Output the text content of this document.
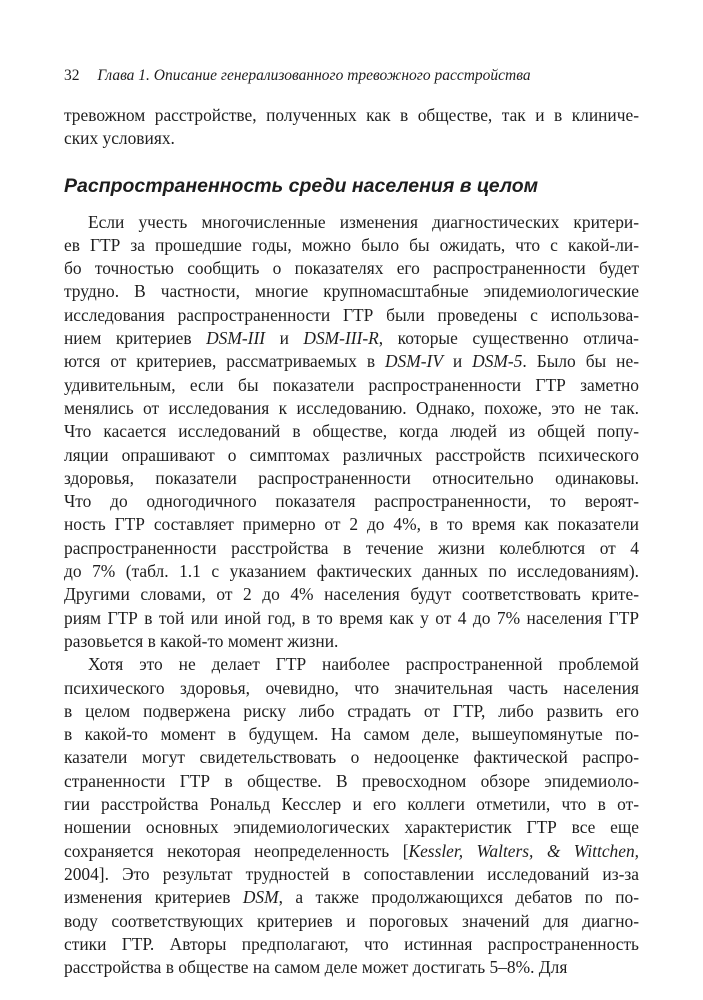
32 Глава 1. Описание генерализованного тревожного расстройства
тревожном расстройстве, полученных как в обществе, так и в клиниче-
ских условиях.
Распространенность среди населения в целом
Если учесть многочисленные изменения диагностических критери-
ев ГТР за прошедшие годы, можно было бы ожидать, что с какой-ли-
бо точностью сообщить о показателях его распространенности будет
трудно. В частности, многие крупномасштабные эпидемиологические
исследования распространенности ГТР были проведены с использова-
нием критериев DSM-III и DSM-III-R, которые существенно отлича-
ются от критериев, рассматриваемых в DSM-IV и DSM-5. Было бы не-
удивительным, если бы показатели распространенности ГТР заметно
менялись от исследования к исследованию. Однако, похоже, это не так.
Что касается исследований в обществе, когда людей из общей попу-
ляции опрашивают о симптомах различных расстройств психического
здоровья, показатели распространенности относительно одинаковы.
Что до одногодичного показателя распространенности, то вероят-
ность ГТР составляет примерно от 2 до 4%, в то время как показатели
распространенности расстройства в течение жизни колеблются от 4
до 7% (табл. 1.1 с указанием фактических данных по исследованиям).
Другими словами, от 2 до 4% населения будут соответствовать крите-
риям ГТР в той или иной год, в то время как у от 4 до 7% населения ГТР
разовьется в какой-то момент жизни.
Хотя это не делает ГТР наиболее распространенной проблемой
психического здоровья, очевидно, что значительная часть населения
в целом подвержена риску либо страдать от ГТР, либо развить его
в какой-то момент в будущем. На самом деле, вышеупомянутые по-
казатели могут свидетельствовать о недооценке фактической распро-
страненности ГТР в обществе. В превосходном обзоре эпидемиоло-
гии расстройства Рональд Кесслер и его коллеги отметили, что в от-
ношении основных эпидемиологических характеристик ГТР все еще
сохраняется некоторая неопределенность [Kessler, Walters, & Wittchen,
2004]. Это результат трудностей в сопоставлении исследований из-за
изменения критериев DSM, а также продолжающихся дебатов по по-
воду соответствующих критериев и пороговых значений для диагно-
стики ГТР. Авторы предполагают, что истинная распространенность
расстройства в обществе на самом деле может достигать 5–8%. Для
